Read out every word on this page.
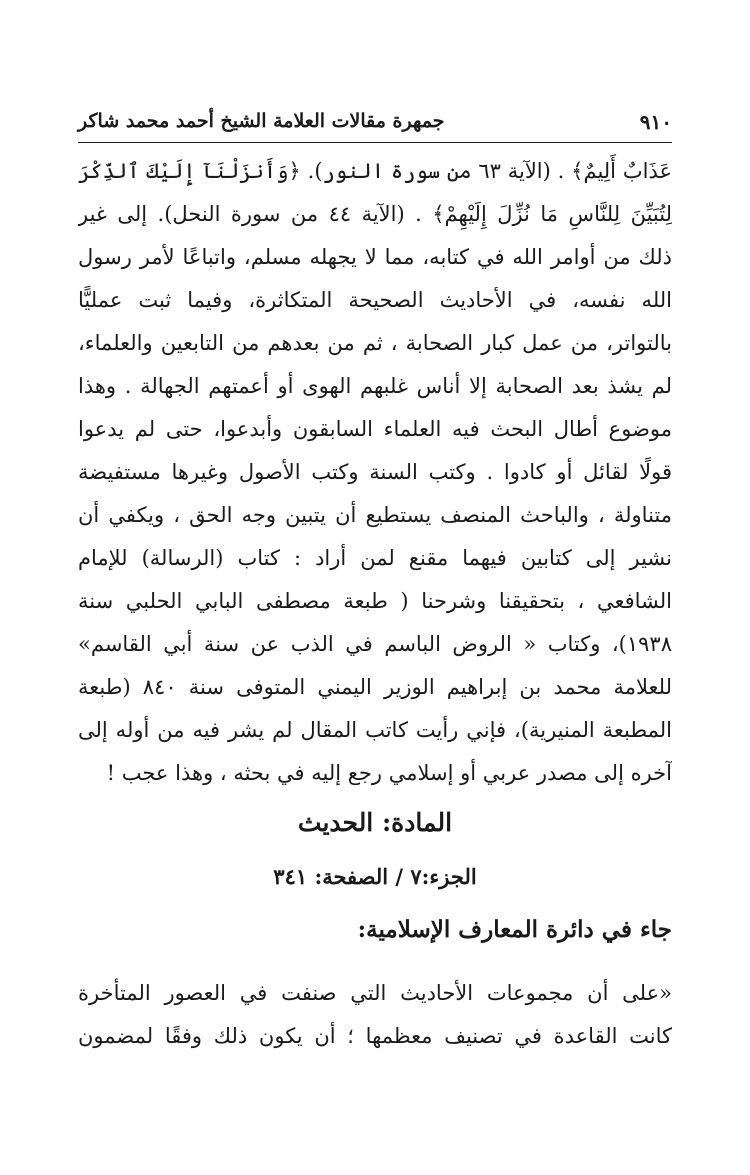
٩١٠
جمهرة مقالات العلامة الشيخ أحمد محمد شاكر
عَذَابٌ أَلِيمٌ﴾ . (الآية ٦٣ من سورة النور). ﴿وَأَنزَلْنَآ إِلَيْكَ ٱلذِّكْرَ
لِتُبَيِّنَ لِلنَّاسِ مَا نُزِّلَ إِلَيْهِمْ﴾ . (الآية ٤٤ من سورة النحل). إلى غير
ذلك من أوامر الله في كتابه، مما لا يجهله مسلم، واتباعًا لأمر رسول
الله نفسه، في الأحاديث الصحيحة المتكاثرة، وفيما ثبت عمليًّا
بالتواتر، من عمل كبار الصحابة ، ثم من بعدهم من التابعين والعلماء،
لم يشذ بعد الصحابة إلا أناس غلبهم الهوى أو أعمتهم الجهالة . وهذا
موضوع أطال البحث فيه العلماء السابقون وأبدعوا، حتى لم يدعوا
قولًا لقائل أو كادوا . وكتب السنة وكتب الأصول وغيرها مستفيضة
متناولة ، والباحث المنصف يستطيع أن يتبين وجه الحق ، ويكفي أن
نشير إلى كتابين فيهما مقنع لمن أراد : كتاب (الرسالة) للإمام
الشافعي ، بتحقيقنا وشرحنا ( طبعة مصطفى البابي الحلبي سنة
١٩٣٨)، وكتاب « الروض الباسم في الذب عن سنة أبي القاسم»
للعلامة محمد بن إبراهيم الوزير اليمني المتوفى سنة ٨٤٠ (طبعة
المطبعة المنيرية)، فإني رأيت كاتب المقال لم يشر فيه من أوله إلى
آخره إلى مصدر عربي أو إسلامي رجع إليه في بحثه ، وهذا عجب !
المادة: الحديث
الجزء:٧ / الصفحة: ٣٤١
جاء في دائرة المعارف الإسلامية:
«على أن مجموعات الأحاديث التي صنفت في العصور المتأخرة
كانت القاعدة في تصنيف معظمها ؛ أن يكون ذلك وفقًا لمضمون
